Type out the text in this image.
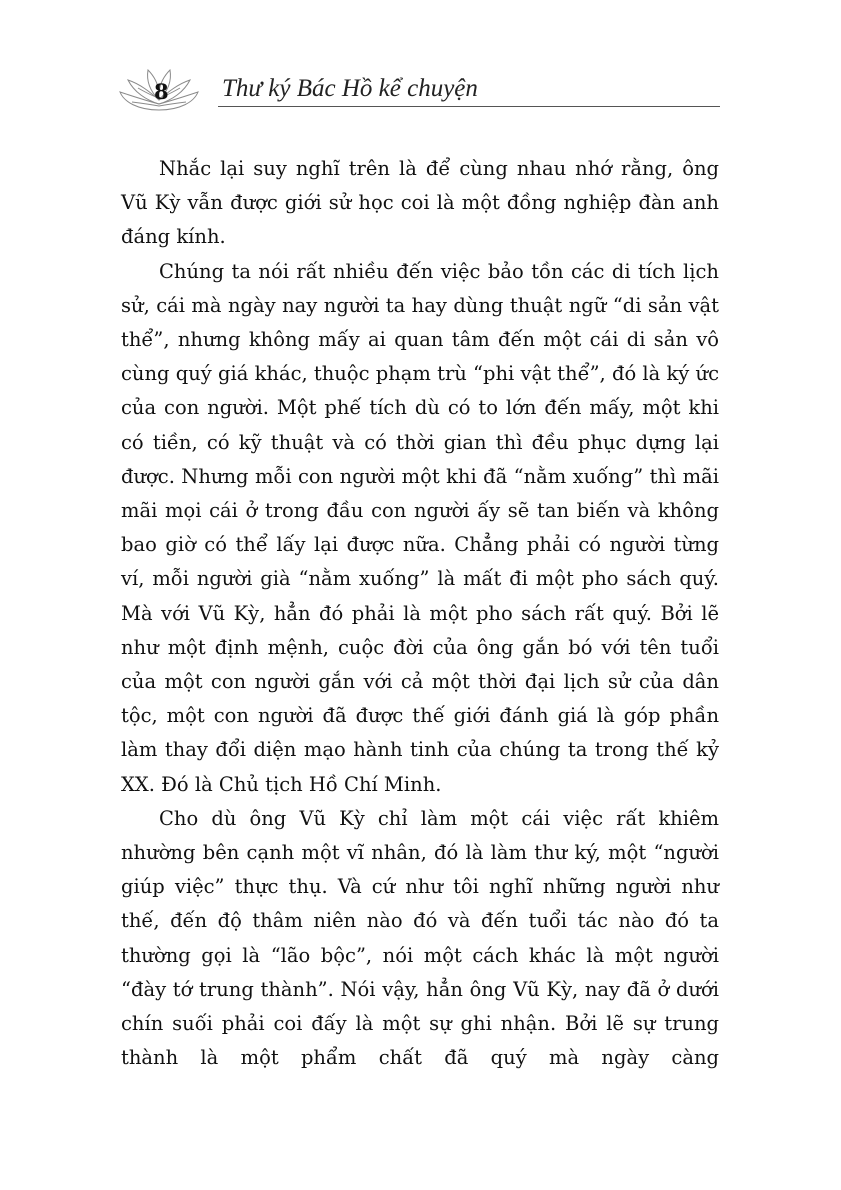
8 Thư ký Bác Hồ kể chuyện

Nhắc lại suy nghĩ trên là để cùng nhau nhớ rằng, ông Vũ Kỳ vẫn được giới sử học coi là một đồng nghiệp đàn anh đáng kính.

Chúng ta nói rất nhiều đến việc bảo tồn các di tích lịch sử, cái mà ngày nay người ta hay dùng thuật ngữ “di sản vật thể”, nhưng không mấy ai quan tâm đến một cái di sản vô cùng quý giá khác, thuộc phạm trù “phi vật thể”, đó là ký ức của con người. Một phế tích dù có to lớn đến mấy, một khi có tiền, có kỹ thuật và có thời gian thì đều phục dựng lại được. Nhưng mỗi con người một khi đã “nằm xuống” thì mãi mãi mọi cái ở trong đầu con người ấy sẽ tan biến và không bao giờ có thể lấy lại được nữa. Chẳng phải có người từng ví, mỗi người già “nằm xuống” là mất đi một pho sách quý. Mà với Vũ Kỳ, hẳn đó phải là một pho sách rất quý. Bởi lẽ như một định mệnh, cuộc đời của ông gắn bó với tên tuổi của một con người gắn với cả một thời đại lịch sử của dân tộc, một con người đã được thế giới đánh giá là góp phần làm thay đổi diện mạo hành tinh của chúng ta trong thế kỷ XX. Đó là Chủ tịch Hồ Chí Minh.

Cho dù ông Vũ Kỳ chỉ làm một cái việc rất khiêm nhường bên cạnh một vĩ nhân, đó là làm thư ký, một “người giúp việc” thực thụ. Và cứ như tôi nghĩ những người như thế, đến độ thâm niên nào đó và đến tuổi tác nào đó ta thường gọi là “lão bộc”, nói một cách khác là một người “đày tớ trung thành”. Nói vậy, hẳn ông Vũ Kỳ, nay đã ở dưới chín suối phải coi đấy là một sự ghi nhận. Bởi lẽ sự trung thành là một phẩm chất đã quý mà ngày càng
